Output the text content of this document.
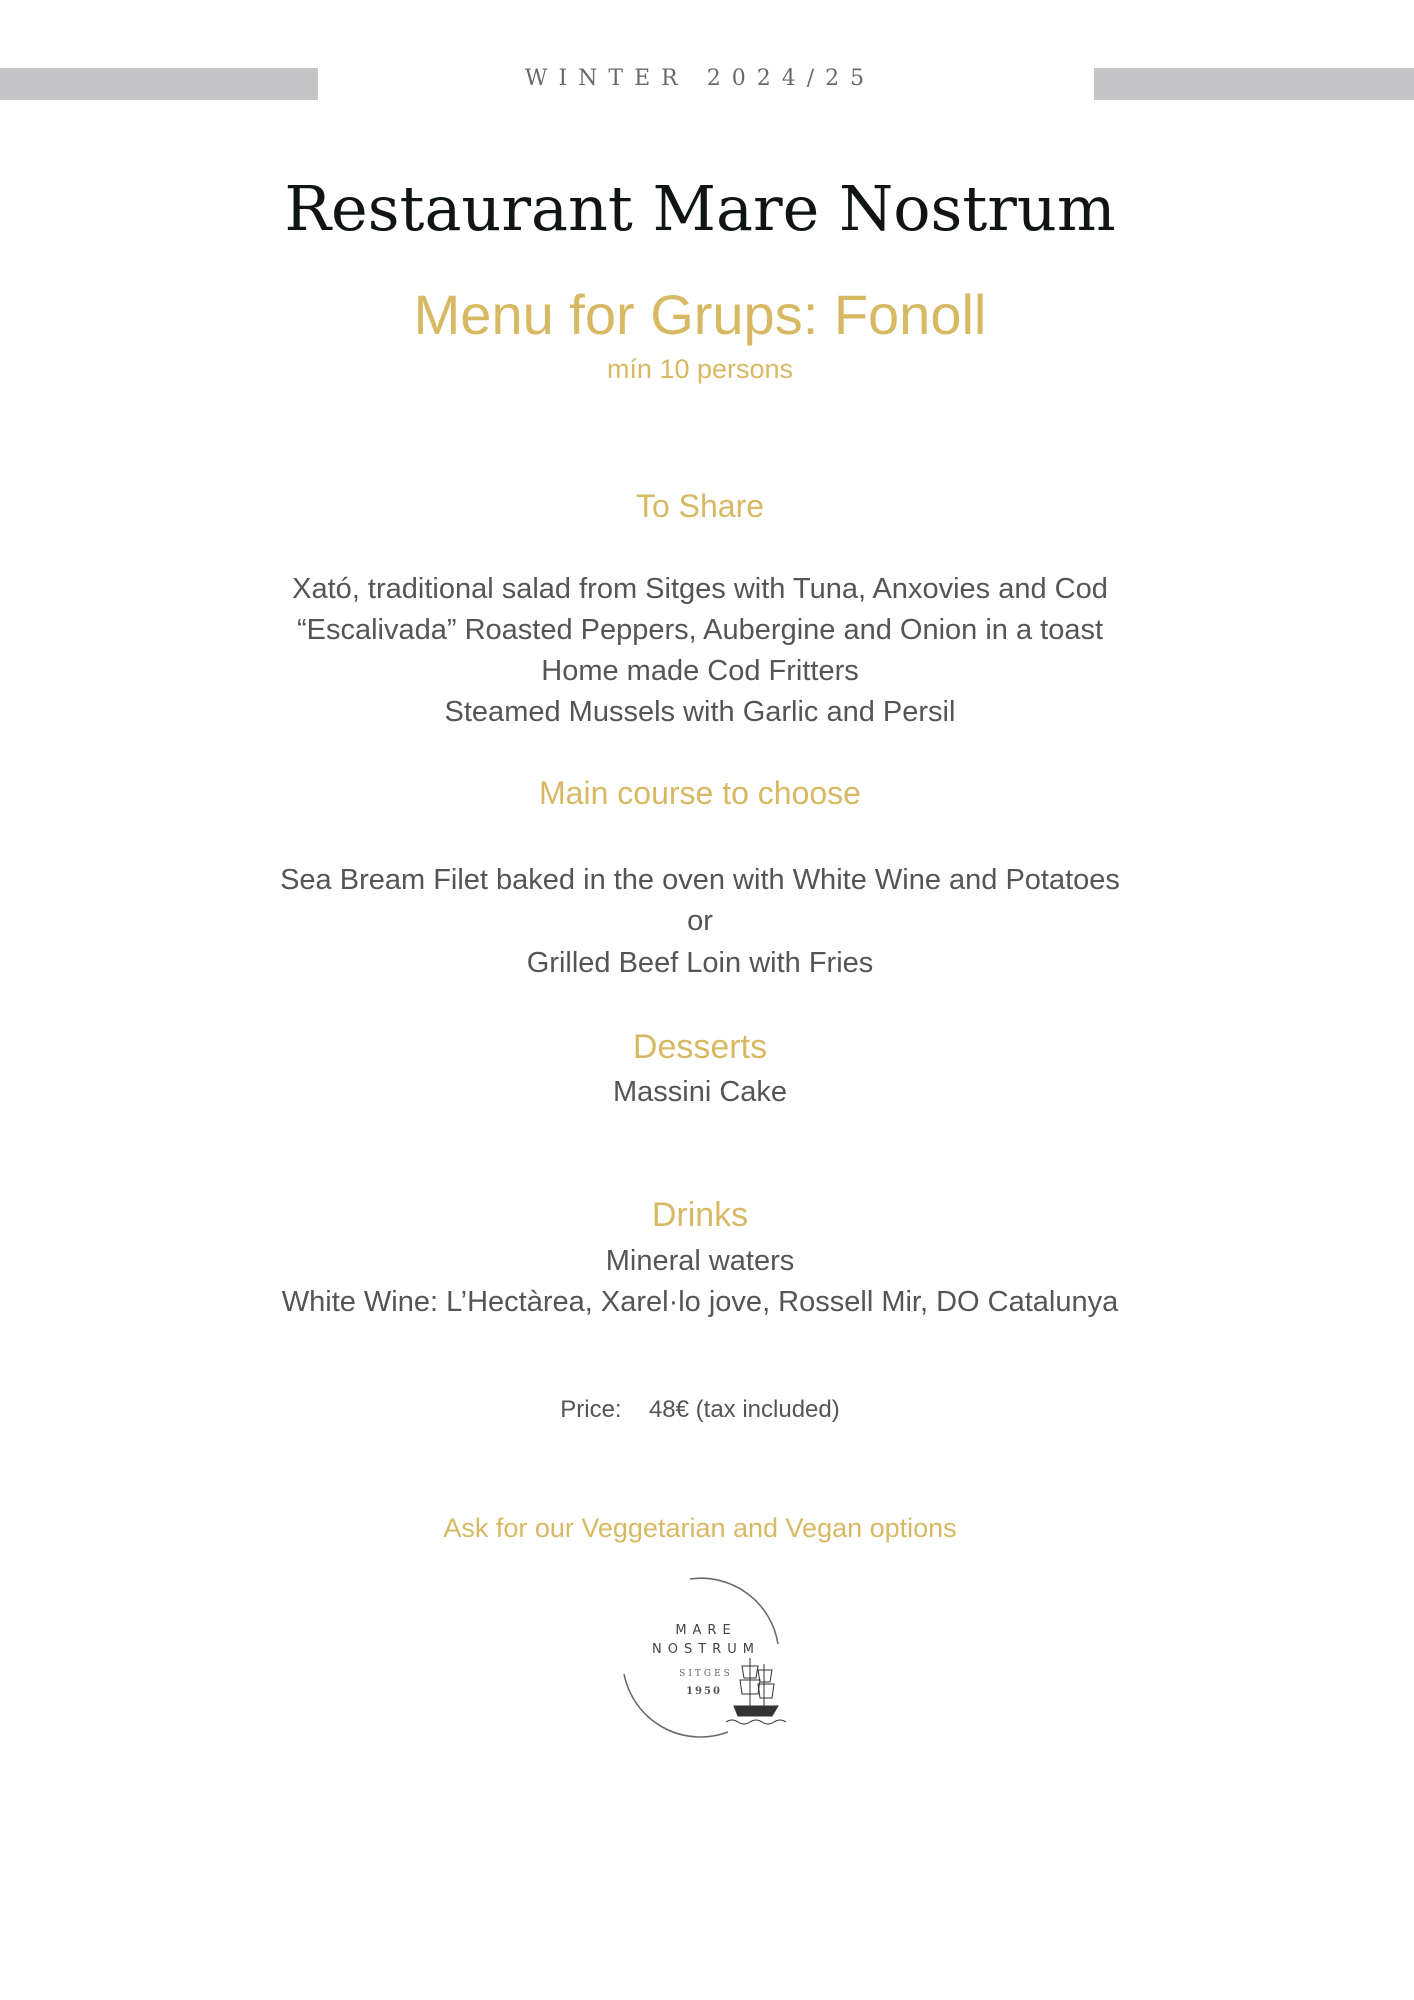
WINTER 2024/25
Restaurant Mare Nostrum
Menu for Grups: Fonoll
mín 10 persons
To Share
Xató, traditional salad from Sitges with Tuna, Anxovies and Cod
“Escalivada” Roasted Peppers, Aubergine and Onion in a toast
Home made Cod Fritters
Steamed Mussels with Garlic and Persil
Main course to choose
Sea Bream Filet baked in the oven with White Wine and Potatoes
or
Grilled Beef Loin with Fries
Desserts
Massini Cake
Drinks
Mineral waters
White Wine: L’Hectàrea, Xarel·lo jove, Rossell Mir, DO Catalunya
Price: 48€ (tax included)
Ask for our Veggetarian and Vegan options
MARE
NOSTRUM
SITGES
1950
